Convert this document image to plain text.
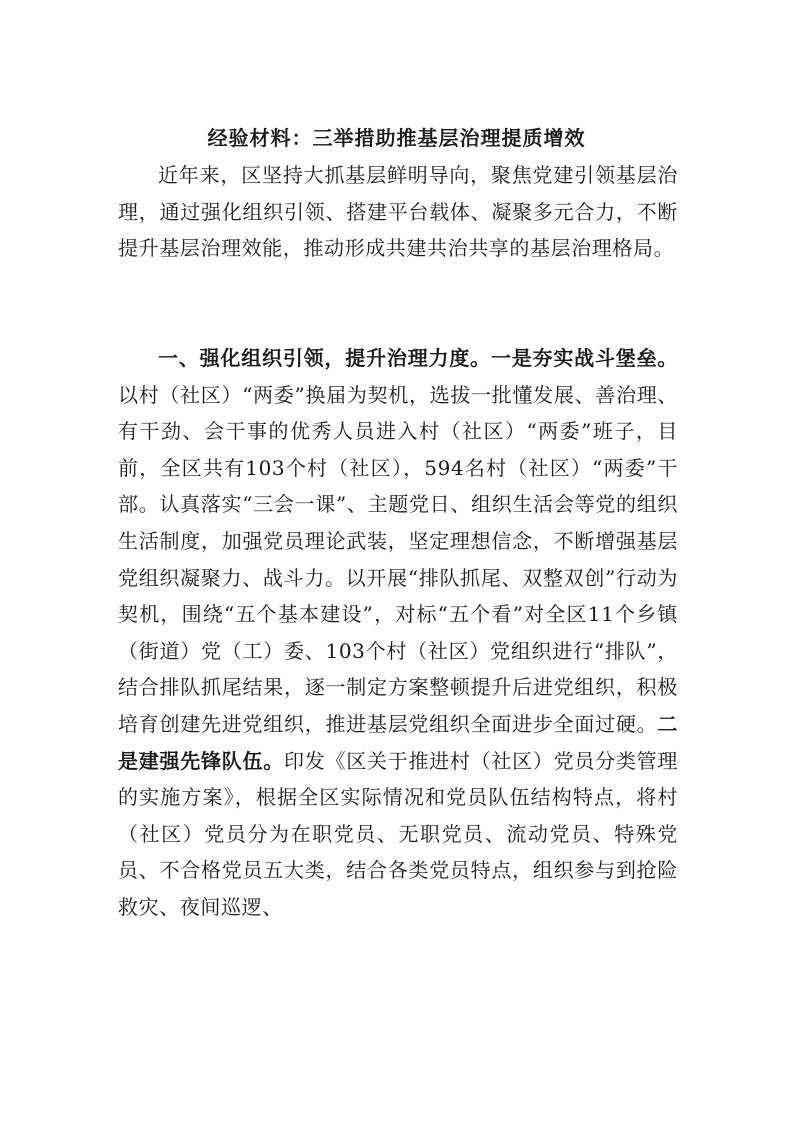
经验材料：三举措助推基层治理提质增效
近年来，区坚持大抓基层鲜明导向，聚焦党建引领基层治理，通过强化组织引领、搭建平台载体、凝聚多元合力，不断提升基层治理效能，推动形成共建共治共享的基层治理格局。
一、强化组织引领，提升治理力度。一是夯实战斗堡垒。以村（社区）“两委”换届为契机，选拔一批懂发展、善治理、有干劲、会干事的优秀人员进入村（社区）“两委”班子，目前，全区共有103个村（社区），594名村（社区）“两委”干部。认真落实“三会一课”、主题党日、组织生活会等党的组织生活制度，加强党员理论武装，坚定理想信念，不断增强基层党组织凝聚力、战斗力。以开展“排队抓尾、双整双创”行动为契机，围绕“五个基本建设”，对标“五个看”对全区11个乡镇（街道）党（工）委、103个村（社区）党组织进行“排队”，结合排队抓尾结果，逐一制定方案整顿提升后进党组织，积极培育创建先进党组织，推进基层党组织全面进步全面过硬。二是建强先锋队伍。印发《区关于推进村（社区）党员分类管理的实施方案》，根据全区实际情况和党员队伍结构特点，将村（社区）党员分为在职党员、无职党员、流动党员、特殊党员、不合格党员五大类，结合各类党员特点，组织参与到抢险救灾、夜间巡逻、
